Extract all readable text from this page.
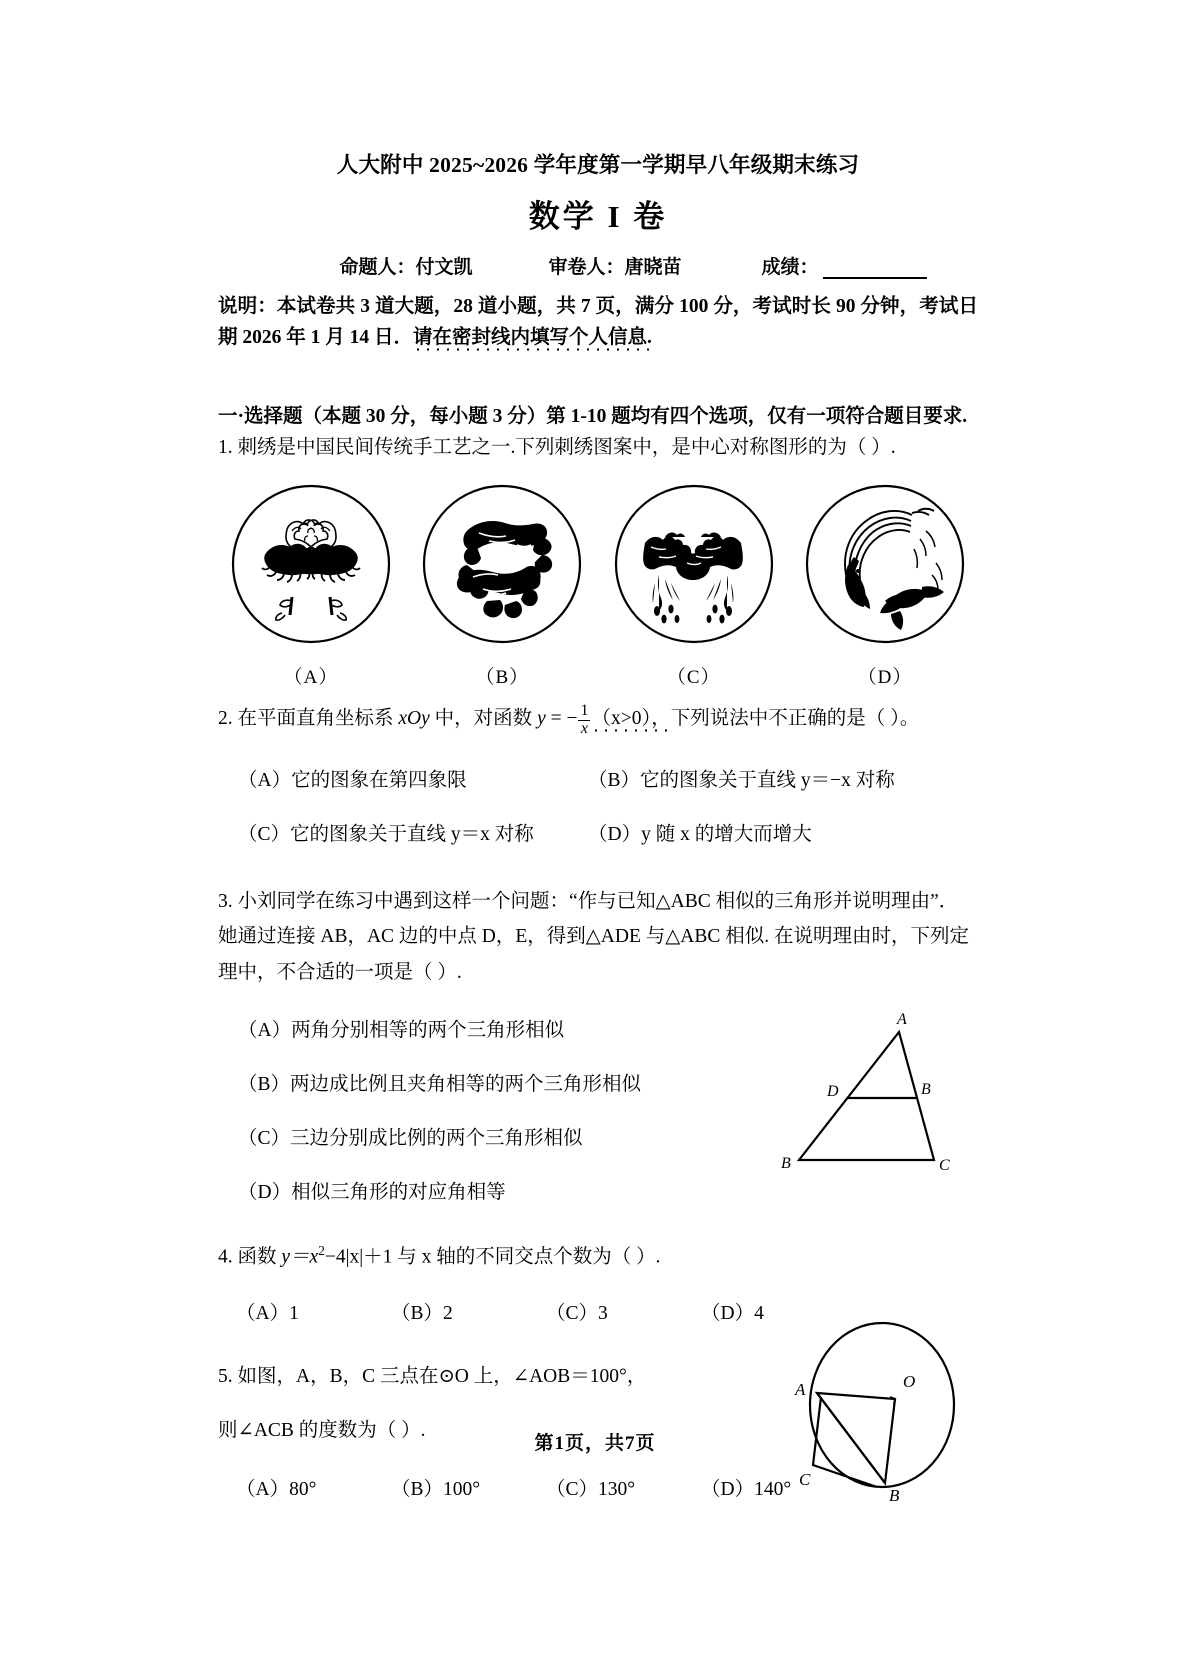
人大附中 2025~2026 学年度第一学期早八年级期末练习
数学 I 卷
命题人：付文凯	审卷人：唐晓苗	成绩：
说明：本试卷共 3 道大题，28 道小题，共 7 页，满分 100 分，考试时长 90 分钟，考试日期 2026 年 1 月 14 日．请在密封线内填写个人信息.
一·选择题（本题 30 分，每小题 3 分）第 1-10 题均有四个选项，仅有一项符合题目要求.
1. 刺绣是中国民间传统手工艺之一.下列刺绣图案中，是中心对称图形的为（ ）.
（A）	（B）	（C）	（D）
2. 在平面直角坐标系 xOy 中，对函数 y = − $\frac{1}{x} (x>0)$，下列说法中不正确的是（ ）。
（A）它的图象在第四象限	（B）它的图象关于直线 y＝−x 对称
（C）它的图象关于直线 y＝x 对称	（D）y 随 x 的增大而增大
3. 小刘同学在练习中遇到这样一个问题：“作与已知△ABC 相似的三角形并说明理由”．
她通过连接 AB，AC 边的中点 D，E，得到△ADE 与△ABC 相似. 在说明理由时，下列定
理中，不合适的一项是（ ）.
A
D	B
B	C
（A）两角分别相等的两个三角形相似
（B）两边成比例且夹角相等的两个三角形相似
（C）三边分别成比例的两个三角形相似
（D）相似三角形的对应角相等
4. 函数 $y=x^2-4|x|+1$ 与 x 轴的不同交点个数为（ ）.
（A）1	（B）2	（C）3	（D）4
A	O
B
C
5. 如图，A，B，C 三点在⊙O 上，∠AOB＝100°，
则∠ACB 的度数为（ ）.
（A）80°	（B）100°	（C）130°	（D）140°
第1页，共7页
